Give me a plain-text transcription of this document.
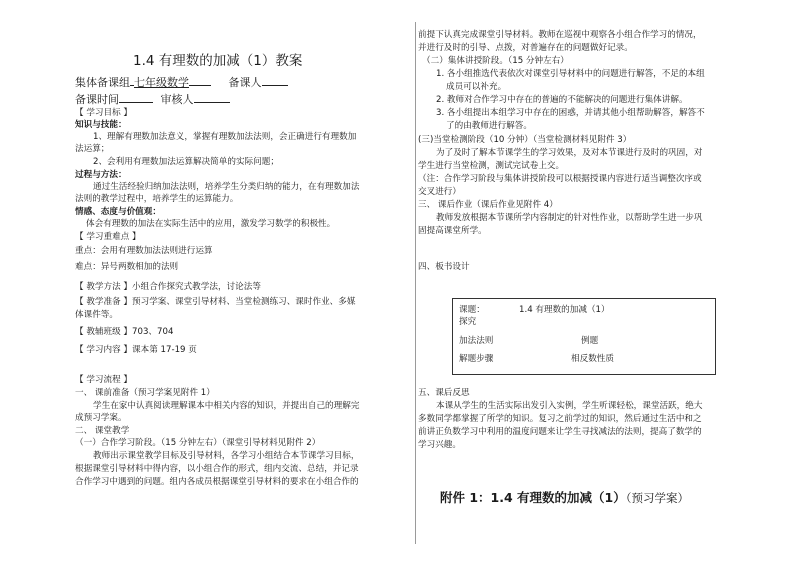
1.4 有理数的加减（1）教案
集体备课组 七年级数学	备课人
备课时间	审核人
【 学习目标 】
知识与技能：
1、理解有理数加法意义，掌握有理数加法法则，会正确进行有理数加
法运算；
2、会利用有理数加法运算解决简单的实际问题；
过程与方法：
通过生活经验归纳加法法则，培养学生分类归纳的能力，在有理数加法
法则的教学过程中，培养学生的运算能力。
情感、态度与价值观：
体会有理数的加法在实际生活中的应用，激发学习数学的积极性。
【 学习重难点 】
重点：会用有理数加法法则进行运算
难点：异号两数相加的法则
【 教学方法 】小组合作探究式教学法，讨论法等
【 教学准备 】预习学案、课堂引导材料、当堂检测练习、课时作业、多媒
体课件等。
【 教辅班级 】703、704
【 学习内容 】课本第 17-19 页
【 学习流程 】
一、 课前准备（预习学案见附件 1）
学生在家中认真阅读理解课本中相关内容的知识，并提出自己的理解完
成预习学案。
二、 课堂教学
（一）合作学习阶段。（15 分钟左右）（课堂引导材料见附件 2）
教师出示课堂教学目标及引导材料，各学习小组结合本节课学习目标，
根据课堂引导材料中得内容，以小组合作的形式，组内交流、总结，并记录
合作学习中遇到的问题。组内各成员根据课堂引导材料的要求在小组合作的
前提下认真完成课堂引导材料。教师在巡视中观察各小组合作学习的情况，
并进行及时的引导、点拨，对普遍存在的问题做好记录。
（二）集体讲授阶段。（15 分钟左右）
1. 各小组推选代表依次对课堂引导材料中的问题进行解答，不足的本组
成员可以补充。
2. 教师对合作学习中存在的普遍的不能解决的问题进行集体讲解。
3. 各小组提出本组学习中存在的困惑，并请其他小组帮助解答，解答不
了的由教师进行解答。
(三)当堂检测阶段（10 分钟）（当堂检测材料见附件 3）
为了及时了解本节课学生的学习效果，及对本节课进行及时的巩固，对
学生进行当堂检测，测试完试卷上交。
（注：合作学习阶段与集体讲授阶段可以根据授课内容进行适当调整次序或
交叉进行）
三、 课后作业（课后作业见附件 4）
教师发放根据本节课所学内容制定的针对性作业，以帮助学生进一步巩
固提高课堂所学。
四、板书设计
五、课后反思
本课从学生的生活实际出发引入实例，学生听课轻松，课堂活跃，绝大
多数同学都掌握了所学的知识。复习之前学过的知识，然后通过生活中和之
前讲正负数学习中利用的温度问题来让学生寻找减法的法则，提高了数学的
学习兴趣。
附件 1：1.4 有理数的加减（1）（预习学案）
课题：	1.4 有理数的加减（1）
探究
加法法则	例题
解题步骤	相反数性质
